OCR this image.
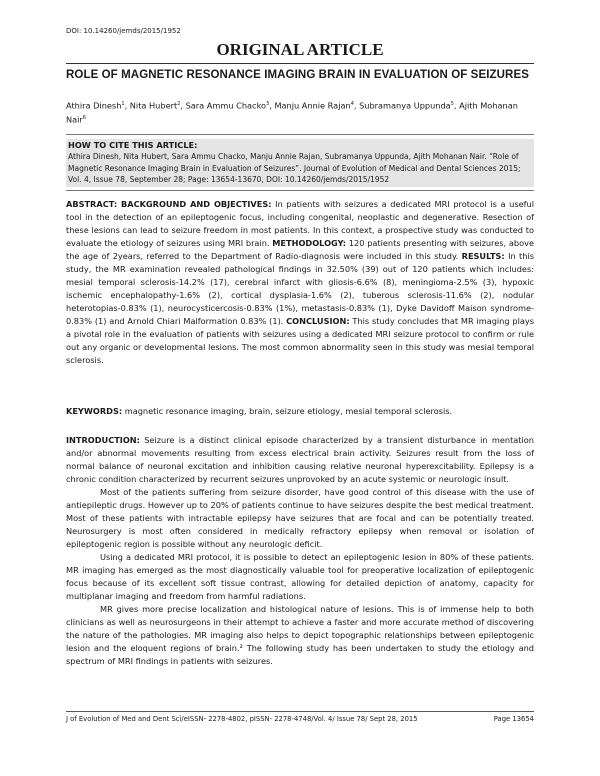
DOI: 10.14260/jemds/2015/1952
ORIGINAL ARTICLE
ROLE OF MAGNETIC RESONANCE IMAGING BRAIN IN EVALUATION OF SEIZURES
Athira Dinesh$^1$, Nita Hubert$^2$, Sara Ammu Chacko$^3$, Manju Annie Rajan$^4$, Subramanya Uppunda$^5$, Ajith Mohanan Nair$^6$
HOW TO CITE THIS ARTICLE:
Athira Dinesh, Nita Hubert, Sara Ammu Chacko, Manju Annie Rajan, Subramanya Uppunda, Ajith Mohanan Nair. “Role of Magnetic Resonance Imaging Brain in Evaluation of Seizures”. Journal of Evolution of Medical and Dental Sciences 2015; Vol. 4, Issue 78, September 28; Page: 13654-13670, DOI: 10.14260/jemds/2015/1952
ABSTRACT: BACKGROUND AND OBJECTIVES: In patients with seizures a dedicated MRI protocol is a useful tool in the detection of an epileptogenic focus, including congenital, neoplastic and degenerative. Resection of these lesions can lead to seizure freedom in most patients. In this context, a prospective study was conducted to evaluate the etiology of seizures using MRI brain. METHODOLOGY: 120 patients presenting with seizures, above the age of 2years, referred to the Department of Radio-diagnosis were included in this study. RESULTS: In this study, the MR examination revealed pathological findings in 32.50% (39) out of 120 patients which includes: mesial temporal sclerosis-14.2% (17), cerebral infarct with gliosis-6.6% (8), meningioma-2.5% (3), hypoxic ischemic encephalopathy-1.6% (2), cortical dysplasia-1.6% (2), tuberous sclerosis-11.6% (2), nodular heterotopias-0.83% (1), neurocysticercosis-0.83% (1%), metastasis-0.83% (1), Dyke Davidoff Maison syndrome-0.83% (1) and Arnold Chiari Malformation 0.83% (1). CONCLUSION: This study concludes that MR imaging plays a pivotal role in the evaluation of patients with seizures using a dedicated MRI seizure protocol to confirm or rule out any organic or developmental lesions. The most common abnormality seen in this study was mesial temporal sclerosis.
KEYWORDS: magnetic resonance imaging, brain, seizure etiology, mesial temporal sclerosis.

INTRODUCTION: Seizure is a distinct clinical episode characterized by a transient disturbance in mentation and/or abnormal movements resulting from excess electrical brain activity. Seizures result from the loss of normal balance of neuronal excitation and inhibition causing relative neuronal hyperexcitability. Epilepsy is a chronic condition characterized by recurrent seizures unprovoked by an acute systemic or neurologic insult.

Most of the patients suffering from seizure disorder, have good control of this disease with the use of antiepileptic drugs. However up to 20% of patients continue to have seizures despite the best medical treatment. Most of these patients with intractable epilepsy have seizures that are focal and can be potentially treated. Neurosurgery is most often considered in medically refractory epilepsy when removal or isolation of epileptogenic region is possible without any neurologic deficit.

Using a dedicated MRI protocol, it is possible to detect an epileptogenic lesion in 80% of these patients. MR imaging has emerged as the most diagnostically valuable tool for preoperative localization of epileptogenic focus because of its excellent soft tissue contrast, allowing for detailed depiction of anatomy, capacity for multiplanar imaging and freedom from harmful radiations.

MR gives more precise localization and histological nature of lesions. This is of immense help to both clinicians as well as neurosurgeons in their attempt to achieve a faster and more accurate method of discovering the nature of the pathologies. MR imaging also helps to depict topographic relationships between epileptogenic lesion and the eloquent regions of brain.² The following study has been undertaken to study the etiology and spectrum of MRI findings in patients with seizures.

J of Evolution of Med and Dent Sci/eISSN- 2278-4802, pISSN- 2278-4748/Vol. 4/ Issue 78/ Sept 28, 2015	Page 13654
